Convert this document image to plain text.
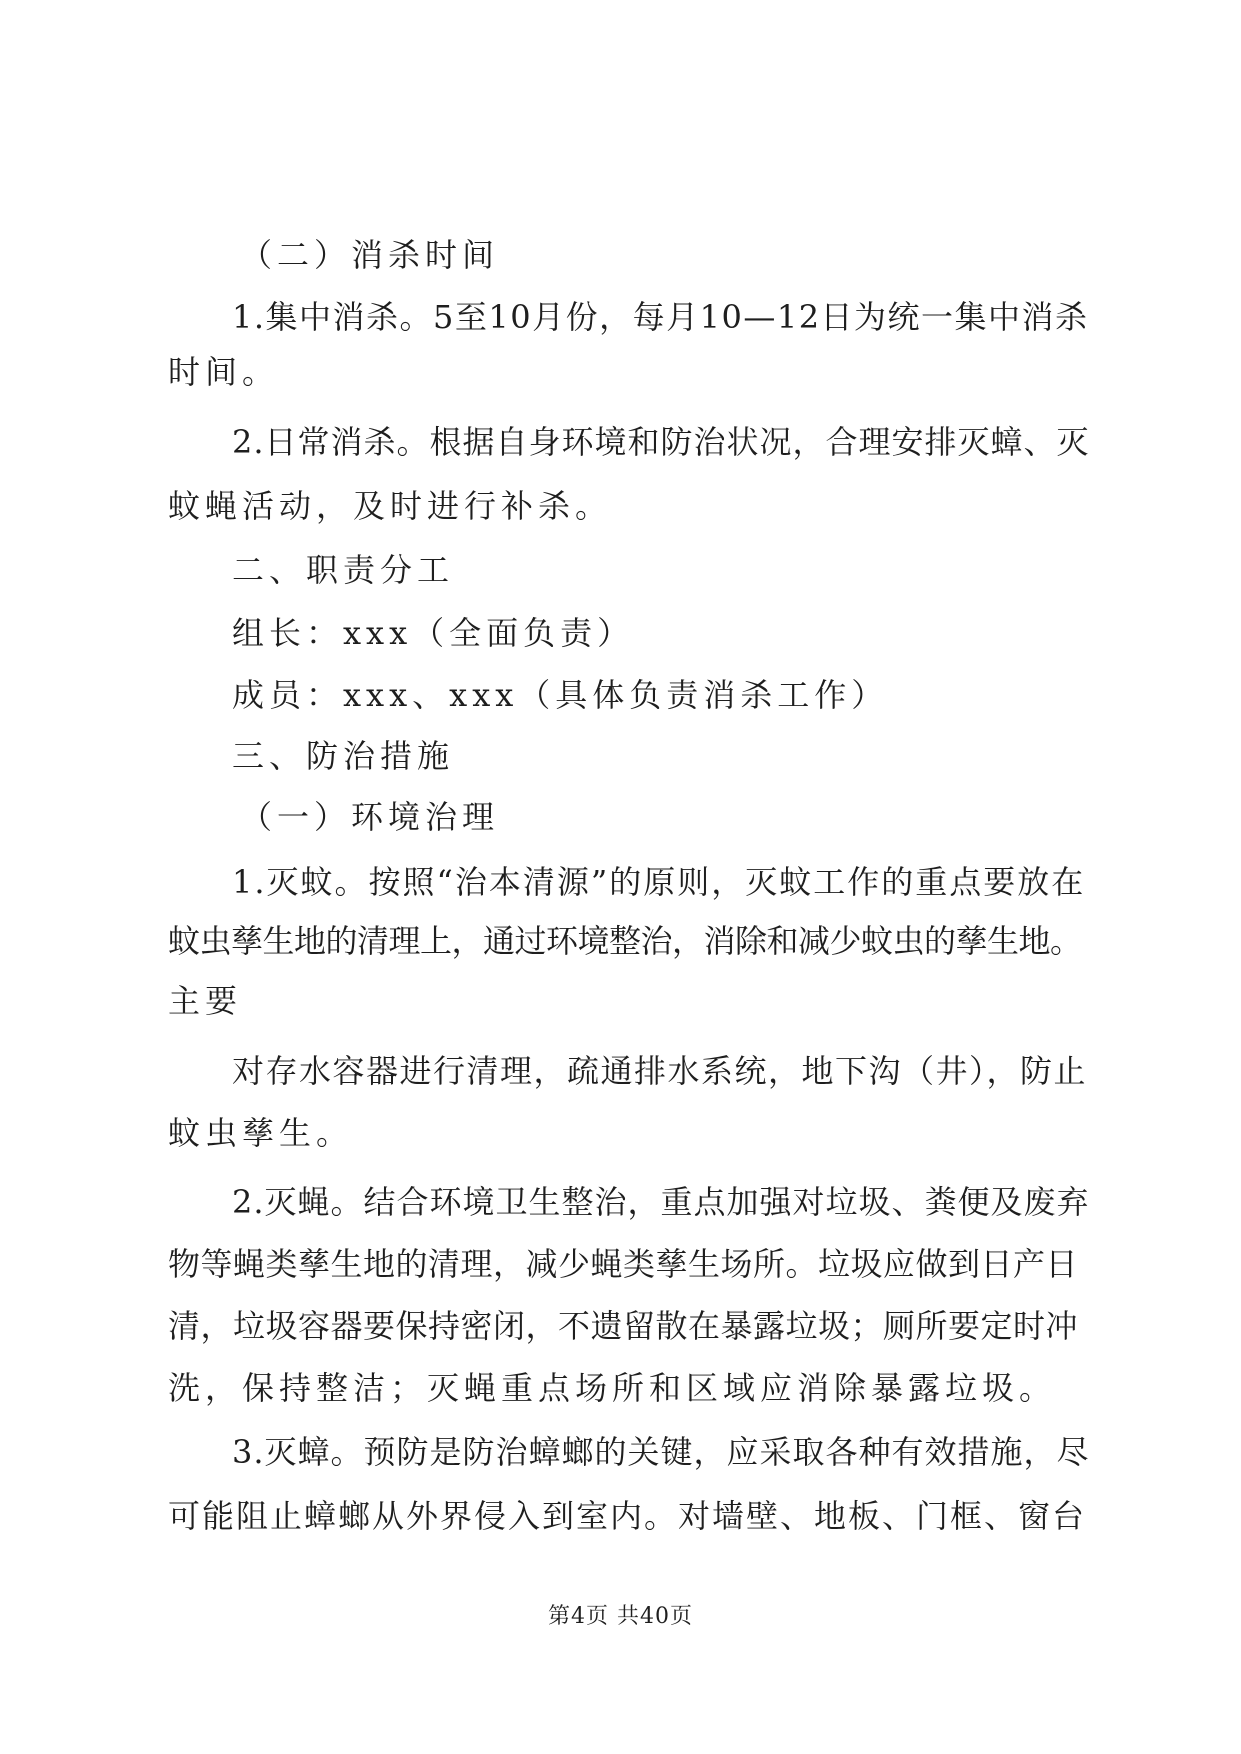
（二）消杀时间
1.集中消杀。5至10月份，每月10—12日为统一集中消杀
时间。
2.日常消杀。根据自身环境和防治状况，合理安排灭蟑、灭
蚊蝇活动，及时进行补杀。
二、职责分工
组长：xxx（全面负责）
成员：xxx、xxx（具体负责消杀工作）
三、防治措施
（一）环境治理
1.灭蚊。按照“治本清源”的原则，灭蚊工作的重点要放在
蚊虫孳生地的清理上，通过环境整治，消除和减少蚊虫的孳生地。
主要
对存水容器进行清理，疏通排水系统，地下沟（井），防止
蚊虫孳生。
2.灭蝇。结合环境卫生整治，重点加强对垃圾、粪便及废弃
物等蝇类孳生地的清理，减少蝇类孳生场所。垃圾应做到日产日
清，垃圾容器要保持密闭，不遗留散在暴露垃圾；厕所要定时冲
洗，保持整洁；灭蝇重点场所和区域应消除暴露垃圾。
3.灭蟑。预防是防治蟑螂的关键，应采取各种有效措施，尽
可能阻止蟑螂从外界侵入到室内。对墙壁、地板、门框、窗台
第4页 共40页
